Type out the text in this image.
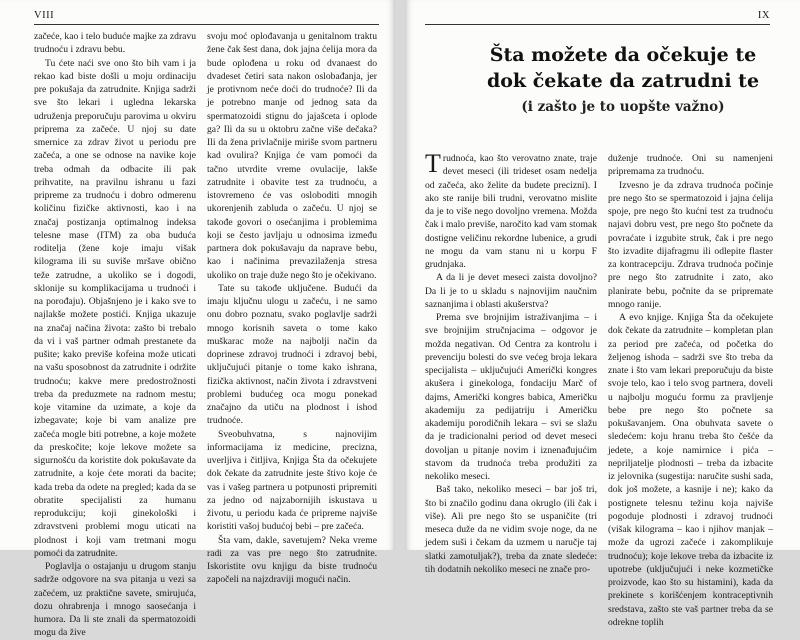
VIII

začeće, kao i telo buduće majke za zdravu trudnoću i zdravu bebu.

Tu ćete naći sve ono što bih vam i ja rekao kad biste došli u moju ordinaciju pre pokušaja da zatrudnite. Knjiga sadrži sve što lekari i ugledna lekarska udruženja preporučuju parovima u okviru pripremа za začeće. U njoj su date smernice za zdrav život u periodu pre začeća, a one se odnose na navike koje treba odmah da odbacite ili pak prihvatite, na pravilnu ishranu u fazi pripreme za trudnoću i dobro odmerenu količinu fizičke aktivnosti, kao i na značaj postizanja optimalnog indeksa telesne mase (ITM) za oba buduća roditelja (žene koje imaju višak kilograma ili su suviše mršave obično teže zatrudne, a ukoliko se i dogodi, sklonije su komplikacijama u trudnoći i na porođaju). Objašnjeno je i kako sve to najlakše možete postići. Knjiga ukazuje na značaj načina života: zašto bi trebalo da vi i vaš partner odmah prestanete da pušite; kako previše kofeina može uticati na vašu sposobnost da zatrudnite i održite trudnoću; kakve mere predostrožnosti treba da preduzmete na radnom mestu; koje vitamine da uzimate, a koje da izbegavate; koje bi vam analize pre začeća mogle biti potrebne, a koje možete da preskočite; koje lekove možete sa sigurnošću da koristite dok pokušavate da zatrudnite, a koje ćete morati da bacite; kada treba da odete na pregled; kada da se obratite specijalisti za humanu reprodukciju; koji ginekološki i zdravstveni problemi mogu uticati na plodnost i koji vam tretmani mogu pomoći da zatrudnite.

Poglavlja o ostajanju u drugom stanju sadrže odgovore na sva pitanja u vezi sa začećem, uz praktične savete, smirujuća, dozu ohrabrenja i mnogo saosećanja i humora. Da li ste znali da spermatozoidi mogu da žive

svoju moć oplođavanja u genitalnom traktu žene čak šest dana, dok jajna ćelija mora da bude oplođena u roku od dvanaest do dvadeset četiri sata nakon oslobađanja, jer je protivnom neće doći do trudnoće? Ili da je potrebno manje od jednog sata da spermatozoidi stignu do jajašceta i oplode ga? Ili da su u oktobru začne više dečaka? Ili da žena privlačnije miriše svom partneru kad ovulira? Knjiga će vam pomoći da tačno utvrdite vreme ovulacije, lakše zatrudnite i obavite test za trudnoću, a istovremeno će vas osloboditi mnogih ukorenjenih zabluda o začeću. U njoj se takođe govori o osećanjima i problemima koji se često javljaju u odnosima između partnera dok pokušavaju da naprave bebu, kao i načinima prevazilaženja stresa ukoliko on traje duže nego što je očekivano.

Tate su takođe uključene. Budući da imaju ključnu ulogu u začeću, i ne samo onu dobro poznatu, svako poglavlje sadrži mnogo korisnih saveta o tome kako muškarac može na najbolji način da doprinese zdravoj trudnoći i zdravoj bebi, uključujući pitanje o tome kako ishrana, fizička aktivnost, način života i zdravstveni problemi budućeg oca mogu ponekad značajno da utiču na plodnost i ishod trudnoće.

Sveobuhvatna, s najnovijim informacijama iz medicine, precizna, uverljiva i čitljiva, Knjiga Šta da očekujete dok čekate da zatrudnite jeste štivo koje će vas i vašeg partnera u potpunosti pripremiti za jedno od najzabornijih iskustava u životu, u periodu kada će pripreme najviše koristiti vašoj budućoj bebi – pre začeća.

Šta vam, dakle, savetujem? Neka vreme radi za vas pre nego što zatrudnite. Iskoristite ovu knjigu da biste trudnoću započeli na najzdraviji mogući način.

IX
Šta možete da očekuje te
dok čekate da zatrudni te
(i zašto je to uopšte važno)

Trudnoća, kao što verovatno znate, traje devet meseci (ili trideset osam nedelja od začeća, ako želite da budete precizni). I ako ste ranije bili trudni, verovatno mislite da je to više nego dovoljno vremena. Možda čak i malo previše, naročito kad vam stomak dostigne veličinu rekordne lubenice, a grudi ne mogu da vam stanu ni u korpu F grudnjaka.

A da li je devet meseci zaista dovoljno? Da li je to u skladu s najnovijim naučnim saznanjima i oblasti akušerstva?

Prema sve brojnijim istraživanjima – i sve brojnijim stručnjacima – odgovor je možda negativan. Od Centra za kontrolu i prevenciju bolesti do sve većeg broja lekara specijalista – uključujući Američki kongres akušera i ginekologa, fondaciju Marč of dajms, Američki kongres babica, Američku akademiju za pedijatriju i Američku akademiju porodičnih lekara – svi se slažu da je tradicionalni period od devet meseci dovoljan u pitanje novim i iznenađujućim stavom da trudnoća treba produžiti za nekoliko meseci.

Baš tako, nekoliko meseci – bar još tri, što bi značilo godinu dana okruglo (ili čak i više). Ali pre nego što se uspaničite (tri meseca duže da ne vidim svoje noge, da ne jedem suši i čekam da uzmem u naručje taj slatki zamotuljak?), treba da znate sledeće: tih dodatnih nekoliko meseci ne znače pro-

duženje trudnoće. Oni su namenjeni pripremama za trudnoću.

Izvesno je da zdrava trudnoća počinje pre nego što se spermatozoid i jajna ćelija spoje, pre nego što kućni test za trudnoću najavi dobru vest, pre nego što počnete da povraćate i izgubite struk, čak i pre nego što izvadite dijafragmu ili odlepite flaster za kontracepciju. Zdrava trudnoća počinje pre nego što zatrudnite i zato, ako planirate bebu, počnite da se pripremate mnogo ranije.

A evo knjige. Knjiga Šta da očekujete dok čekate da zatrudnite – kompletan plan za period pre začeća, od početka do željenog ishoda – sadrži sve što treba da znate i što vam lekari preporučuju da biste svoje telo, kao i telo svog partnera, doveli u najbolju moguću formu za pravljenje bebe pre nego što počnete sa pokušavanjem. Ona obuhvata savete o sledećem: koju hranu treba što češće da jedete, a koje namirnice i pića – nepriljatelje plodnosti – treba da izbacite iz jelovnika (sugestija: naručite sushi sada, dok još možete, a kasnije i ne); kako da postignete telesnu težinu koja najviše pogoduje plodnosti i zdravoj trudnoći (višak kilograma – kao i njihov manjak – može da ugrozi začeće i zakomplikuje trudnoću); koje lekove treba da izbacite iz upotrebe (uključujući i neke kozmetičke proizvode, kao što su histamini), kada da prekinete s korišćenjem kontraceptivnih sredstava, zašto ste vaš partner treba da se odrekne toplih
